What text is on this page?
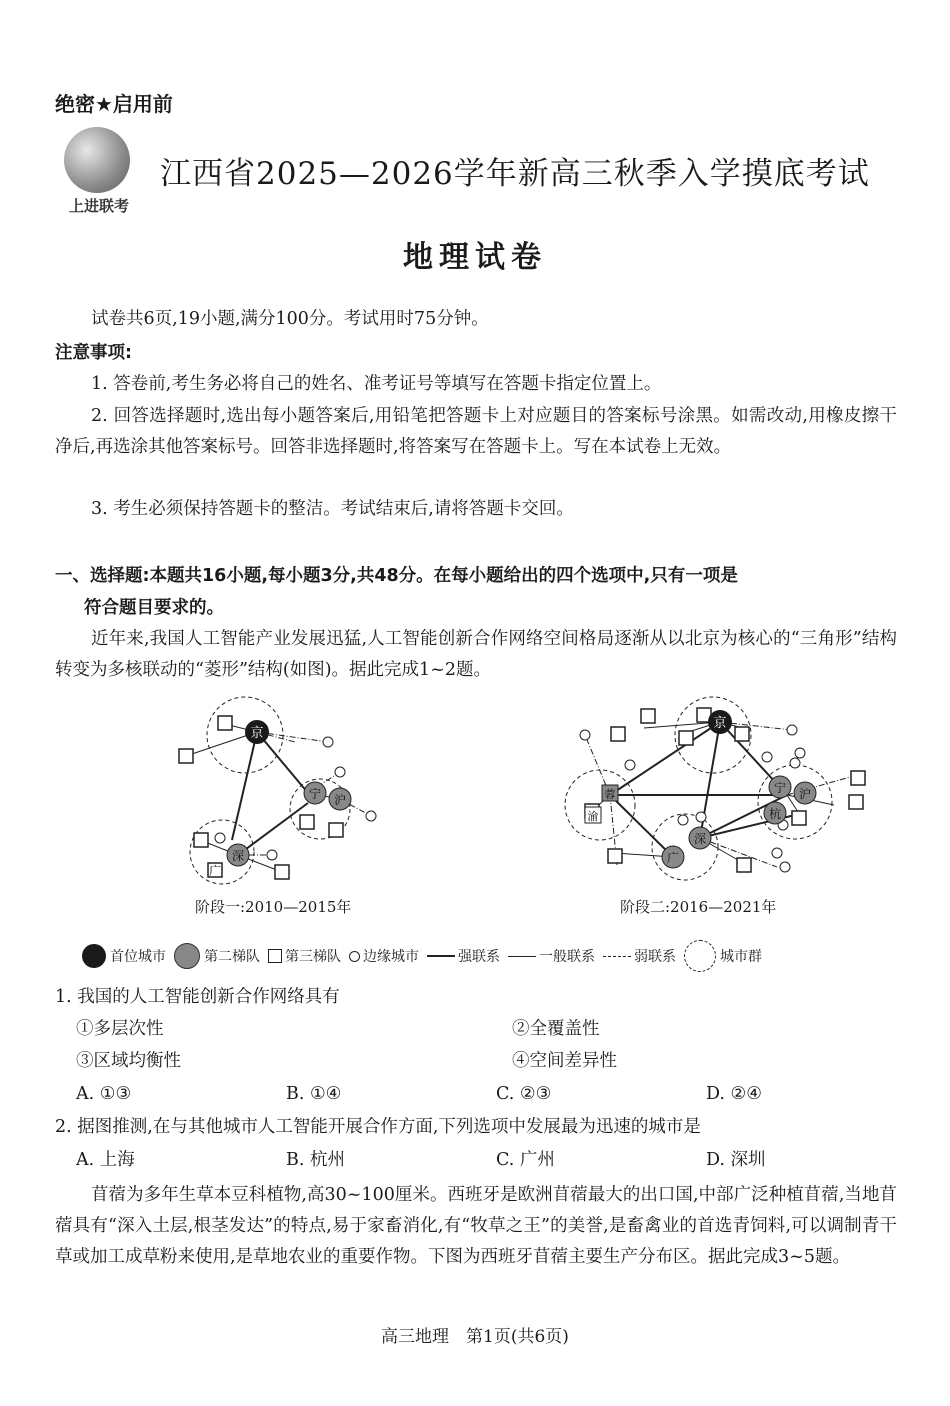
绝密★启用前
上进联考
江西省2025—2026学年新高三秋季入学摸底考试
地理试卷
试卷共6页,19小题,满分100分。考试用时75分钟。
注意事项:
1. 答卷前,考生务必将自己的姓名、准考证号等填写在答题卡指定位置上。
2. 回答选择题时,选出每小题答案后,用铅笔把答题卡上对应题目的答案标号涂黑。如需改动,用橡皮擦干净后,再选涂其他答案标号。回答非选择题时,将答案写在答题卡上。写在本试卷上无效。
3. 考生必须保持答题卡的整洁。考试结束后,请将答题卡交回。
一、选择题:本题共16小题,每小题3分,共48分。在每小题给出的四个选项中,只有一项是
符合题目要求的。
近年来,我国人工智能产业发展迅猛,人工智能创新合作网络空间格局逐渐从以北京为核心的“三角形”结构转变为多核联动的“菱形”结构(如图)。据此完成1~2题。
京
宁 沪
深
广
阶段一:2010—2015年
京
蓉
渝
深
广
宁 沪
杭
阶段二:2016—2021年
首位城市	第二梯队 第三梯队 边缘城市	强联系	一般联系	弱联系	城市群
1. 我国的人工智能创新合作网络具有
①多层次性	②全覆盖性
③区域均衡性	④空间差异性
A. ①③	B. ①④	C. ②③	D. ②④
2. 据图推测,在与其他城市人工智能开展合作方面,下列选项中发展最为迅速的城市是
A. 上海	B. 杭州	C. 广州	D. 深圳
苜蓿为多年生草本豆科植物,高30~100厘米。西班牙是欧洲苜蓿最大的出口国,中部广泛种植苜蓿,当地苜蓿具有“深入土层,根茎发达”的特点,易于家畜消化,有“牧草之王”的美誉,是畜禽业的首选青饲料,可以调制青干草或加工成草粉来使用,是草地农业的重要作物。下图为西班牙苜蓿主要生产分布区。据此完成3~5题。
高三地理　第1页(共6页)
